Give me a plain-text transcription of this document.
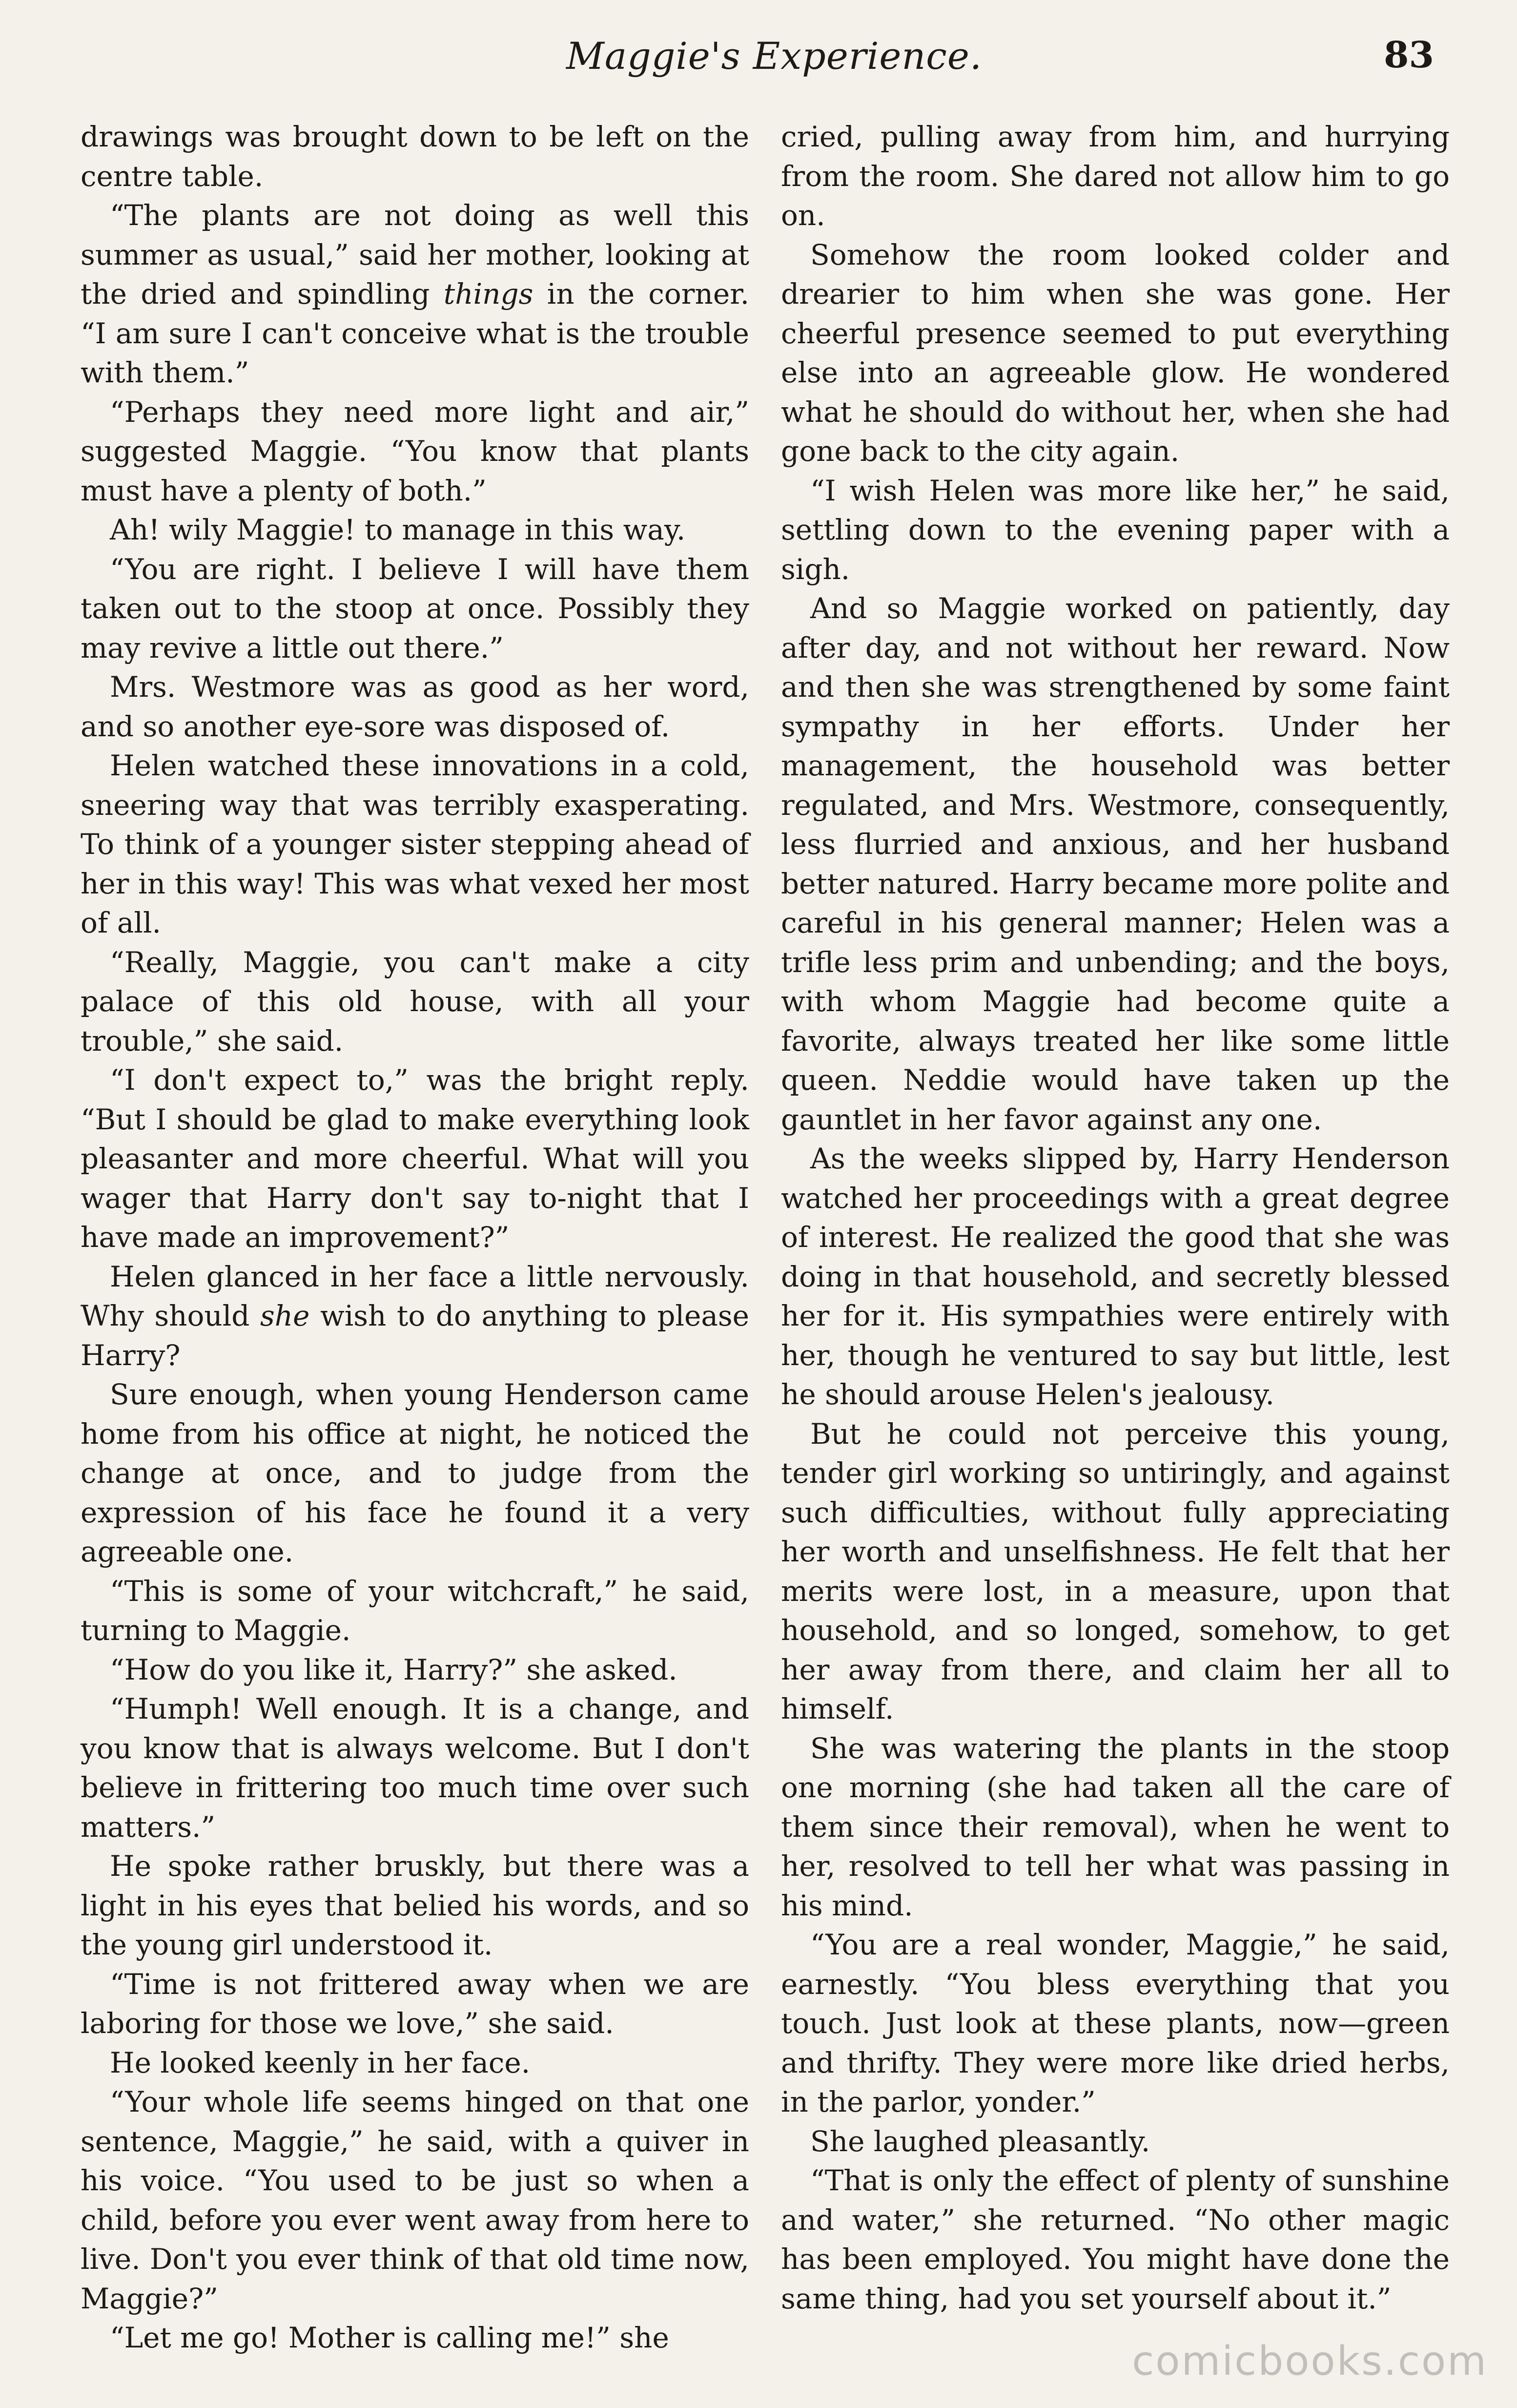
Maggie's Experience.	83

drawings was brought down to be left on the centre table.

“The plants are not doing as well this summer as usual,” said her mother, looking at the dried and spindling things in the corner. “I am sure I can't conceive what is the trouble with them.”

“Perhaps they need more light and air,” suggested Maggie. “You know that plants must have a plenty of both.”

Ah! wily Maggie! to manage in this way.

“You are right. I believe I will have them taken out to the stoop at once. Possibly they may revive a little out there.”

Mrs. Westmore was as good as her word, and so another eye-sore was disposed of.

Helen watched these innovations in a cold, sneering way that was terribly exasperating. To think of a younger sister stepping ahead of her in this way! This was what vexed her most of all.

“Really, Maggie, you can't make a city palace of this old house, with all your trouble,” she said.

“I don't expect to,” was the bright reply. “But I should be glad to make everything look pleasanter and more cheerful. What will you wager that Harry don't say to-night that I have made an improvement?”

Helen glanced in her face a little nervously. Why should she wish to do anything to please Harry?

Sure enough, when young Henderson came home from his office at night, he noticed the change at once, and to judge from the expression of his face he found it a very agreeable one.

“This is some of your witchcraft,” he said, turning to Maggie.

“How do you like it, Harry?” she asked.

“Humph! Well enough. It is a change, and you know that is always welcome. But I don't believe in frittering too much time over such matters.”

He spoke rather bruskly, but there was a light in his eyes that belied his words, and so the young girl understood it.

“Time is not frittered away when we are laboring for those we love,” she said.

He looked keenly in her face.

“Your whole life seems hinged on that one sentence, Maggie,” he said, with a quiver in his voice. “You used to be just so when a child, before you ever went away from here to live. Don't you ever think of that old time now, Maggie?”

“Let me go! Mother is calling me!” she

cried, pulling away from him, and hurrying from the room. She dared not allow him to go on.

Somehow the room looked colder and drearier to him when she was gone. Her cheerful presence seemed to put everything else into an agreeable glow. He wondered what he should do without her, when she had gone back to the city again.

“I wish Helen was more like her,” he said, settling down to the evening paper with a sigh.

And so Maggie worked on patiently, day after day, and not without her reward. Now and then she was strengthened by some faint sympathy in her efforts. Under her management, the household was better regulated, and Mrs. Westmore, consequently, less flurried and anxious, and her husband better natured. Harry became more polite and careful in his general manner; Helen was a trifle less prim and unbending; and the boys, with whom Maggie had become quite a favorite, always treated her like some little queen. Neddie would have taken up the gauntlet in her favor against any one.

As the weeks slipped by, Harry Henderson watched her proceedings with a great degree of interest. He realized the good that she was doing in that household, and secretly blessed her for it. His sympathies were entirely with her, though he ventured to say but little, lest he should arouse Helen's jealousy.

But he could not perceive this young, tender girl working so untiringly, and against such difficulties, without fully appreciating her worth and unselfishness. He felt that her merits were lost, in a measure, upon that household, and so longed, somehow, to get her away from there, and claim her all to himself.

She was watering the plants in the stoop one morning (she had taken all the care of them since their removal), when he went to her, resolved to tell her what was passing in his mind.

“You are a real wonder, Maggie,” he said, earnestly. “You bless everything that you touch. Just look at these plants, now—green and thrifty. They were more like dried herbs, in the parlor, yonder.”

She laughed pleasantly.

“That is only the effect of plenty of sunshine and water,” she returned. “No other magic has been employed. You might have done the same thing, had you set yourself about it.”

comicbooks.com
